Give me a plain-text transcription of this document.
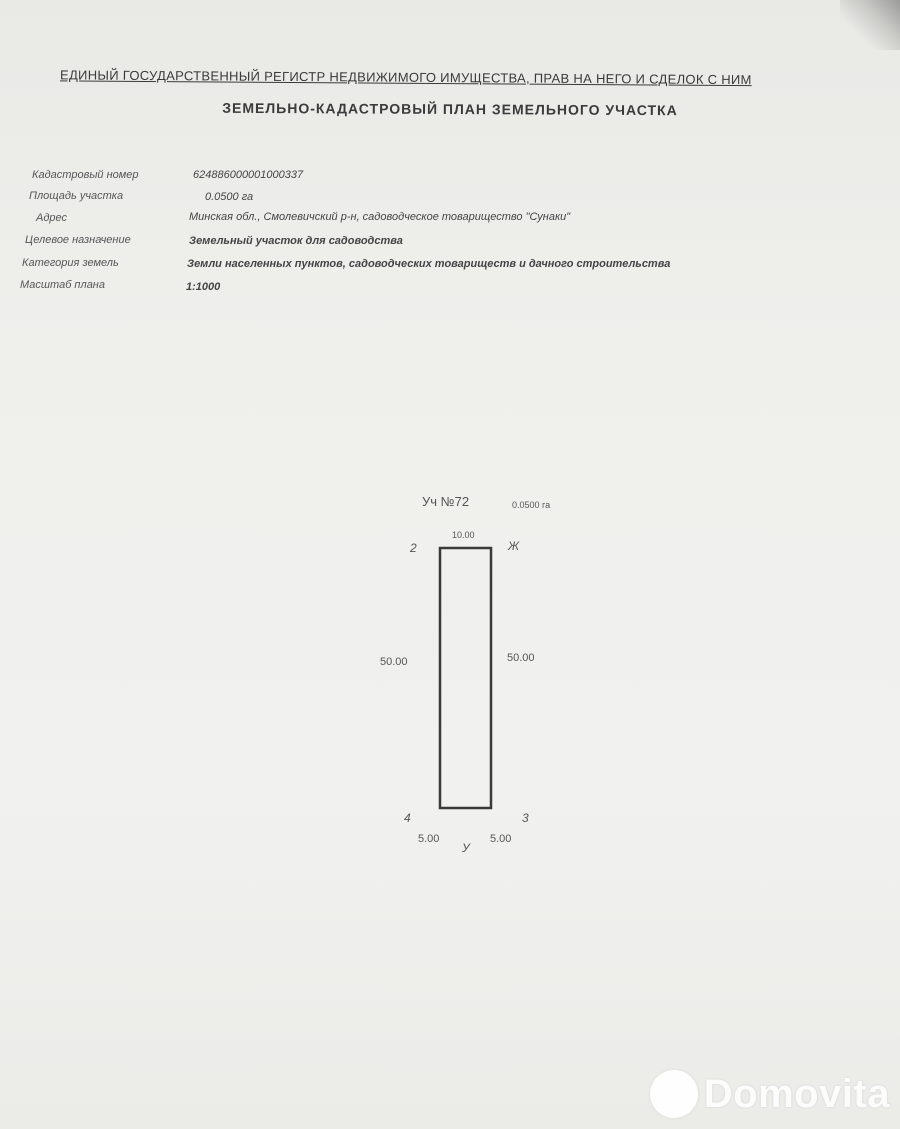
ЕДИНЫЙ ГОСУДАРСТВЕННЫЙ РЕГИСТР НЕДВИЖИМОГО ИМУЩЕСТВА, ПРАВ НА НЕГО И СДЕЛОК С НИМ
ЗЕМЕЛЬНО-КАДАСТРОВЫЙ ПЛАН ЗЕМЕЛЬНОГО УЧАСТКА
Кадастровый номер	624886000001000337
Площадь участка	0.0500 га
Адрес	Минская обл., Смолевичский р-н, садоводческое товарищество "Сунаки"
Целевое назначение	Земельный участок для садоводства
Категория земель	Земли населенных пунктов, садоводческих товариществ и дачного строительства
Масштаб плана	1:1000
Уч №72	0.0500 га
10.00
2	Ж
50.00	50.00
4	3
5.00	5.00
У
Domovita
